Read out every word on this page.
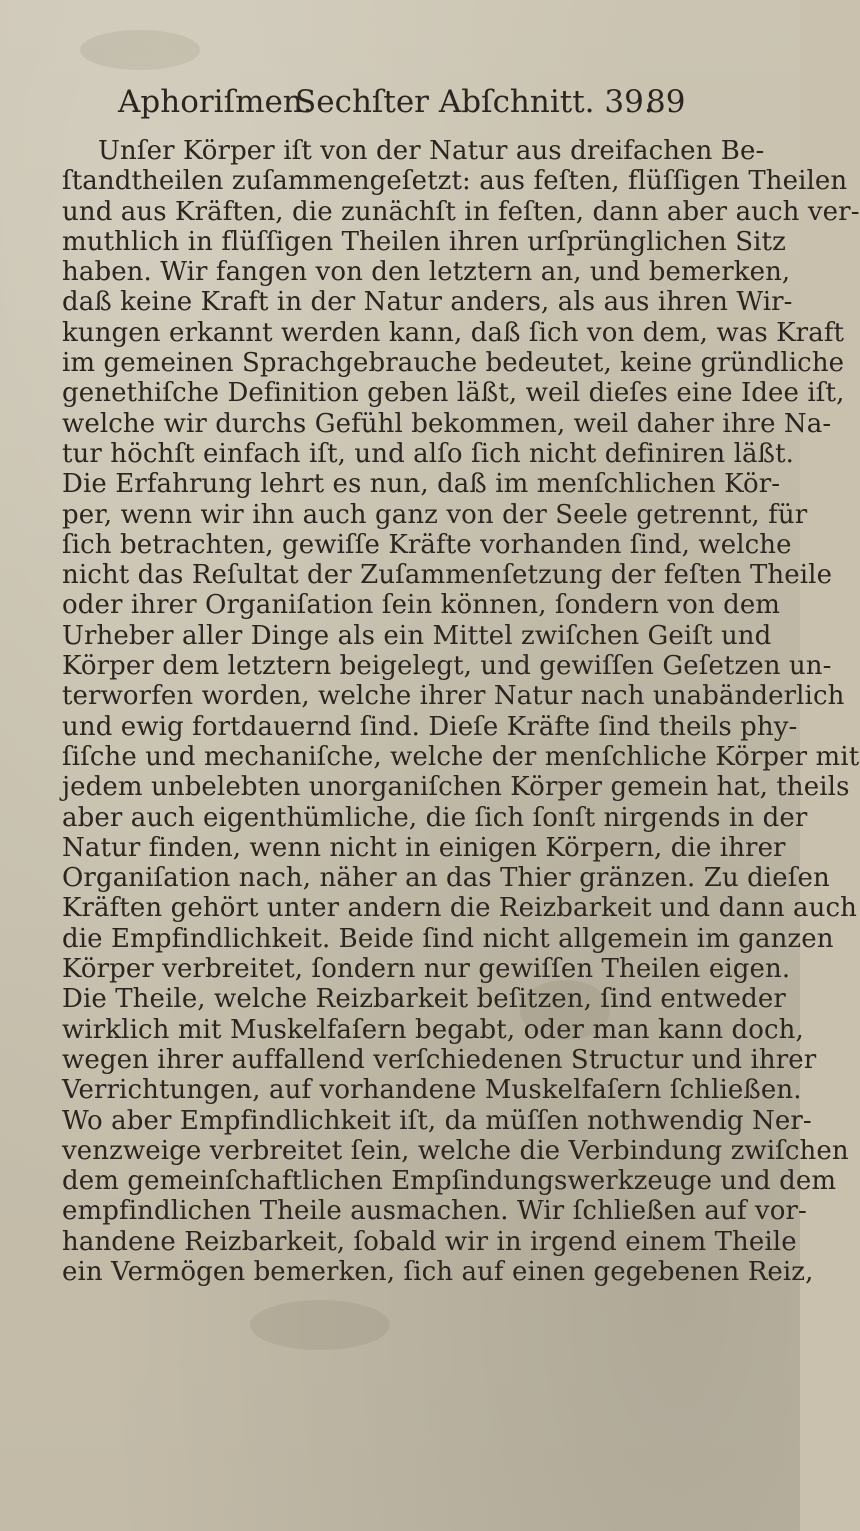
Aphoriſmen.
Sechſter Abſchnitt. 39.
89
Unſer Körper iſt von der Natur aus dreifachen Be-
ſtandtheilen zuſammengeſetzt: aus feſten, flüſſigen Theilen
und aus Kräften, die zunächſt in feſten, dann aber auch ver-
muthlich in flüſſigen Theilen ihren urſprünglichen Sitz
haben. Wir fangen von den letztern an, und bemerken,
daß keine Kraft in der Natur anders, als aus ihren Wir-
kungen erkannt werden kann, daß ſich von dem, was Kraft
im gemeinen Sprachgebrauche bedeutet, keine gründliche
genethiſche Definition geben läßt, weil dieſes eine Idee iſt,
welche wir durchs Gefühl bekommen, weil daher ihre Na-
tur höchſt einfach iſt, und alſo ſich nicht definiren läßt.
Die Erfahrung lehrt es nun, daß im menſchlichen Kör-
per, wenn wir ihn auch ganz von der Seele getrennt, für
ſich betrachten, gewiſſe Kräfte vorhanden ſind, welche
nicht das Reſultat der Zuſammenſetzung der feſten Theile
oder ihrer Organiſation ſein können, ſondern von dem
Urheber aller Dinge als ein Mittel zwiſchen Geiſt und
Körper dem letztern beigelegt, und gewiſſen Geſetzen un-
terworfen worden, welche ihrer Natur nach unabänderlich
und ewig fortdauernd ſind. Dieſe Kräfte ſind theils phy-
ſiſche und mechaniſche, welche der menſchliche Körper mit
jedem unbelebten unorganiſchen Körper gemein hat, theils
aber auch eigenthümliche, die ſich ſonſt nirgends in der
Natur finden, wenn nicht in einigen Körpern, die ihrer
Organiſation nach, näher an das Thier gränzen. Zu dieſen
Kräften gehört unter andern die Reizbarkeit und dann auch
die Empfindlichkeit. Beide ſind nicht allgemein im ganzen
Körper verbreitet, ſondern nur gewiſſen Theilen eigen.
Die Theile, welche Reizbarkeit beſitzen, ſind entweder
wirklich mit Muskelfaſern begabt, oder man kann doch,
wegen ihrer auffallend verſchiedenen Structur und ihrer
Verrichtungen, auf vorhandene Muskelfaſern ſchließen.
Wo aber Empfindlichkeit iſt, da müſſen nothwendig Ner-
venzweige verbreitet ſein, welche die Verbindung zwiſchen
dem gemeinſchaftlichen Empſindungswerkzeuge und dem
empfindlichen Theile ausmachen. Wir ſchließen auf vor-
handene Reizbarkeit, ſobald wir in irgend einem Theile
ein Vermögen bemerken, ſich auf einen gegebenen Reiz,
